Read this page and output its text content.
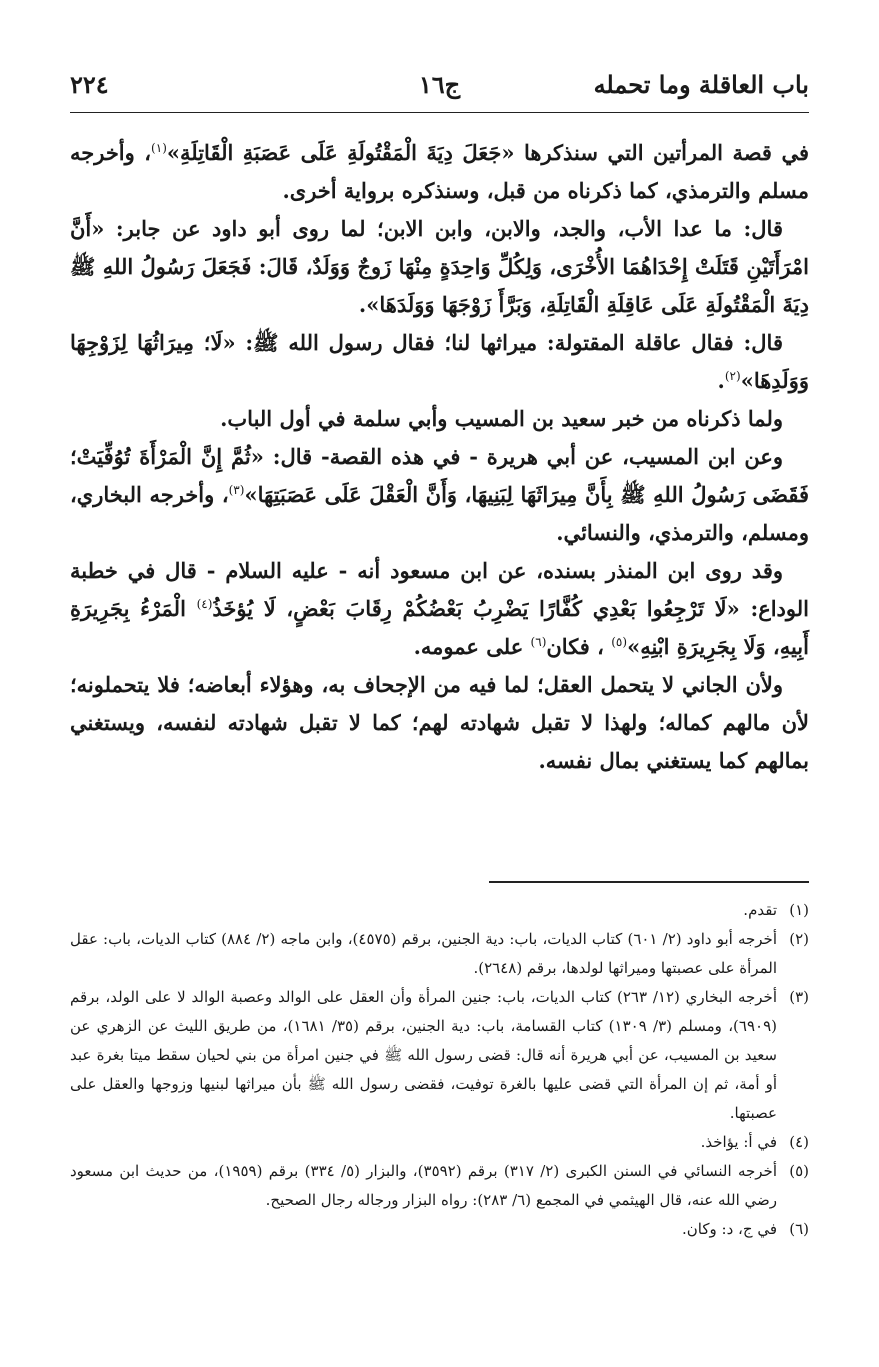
باب العاقلة وما تحمله
ج١٦
٢٢٤

في قصة المرأتين التي سنذكرها «جَعَلَ دِيَةَ الْمَقْتُولَةِ عَلَى عَصَبَةِ الْقَاتِلَةِ»$^{(١)}$، وأخرجه مسلم والترمذي، كما ذكرناه من قبل، وسنذكره برواية أخرى.

قال: ما عدا الأب، والجد، والابن، وابن الابن؛ لما روى أبو داود عن جابر: «أَنَّ امْرَأَتَيْنِ قَتَلَتْ إِحْدَاهُمَا الأُخْرَى، وَلِكُلِّ وَاحِدَةٍ مِنْهَا زَوجٌ وَوَلَدٌ، قَالَ: فَجَعَلَ رَسُولُ اللهِ ﷺ دِيَةَ الْمَقْتُولَةِ عَلَى عَاقِلَةِ الْقَاتِلَةِ، وَبَرَّأَ زَوْجَهَا وَوَلَدَهَا».

قال: فقال عاقلة المقتولة: ميراثها لنا؛ فقال رسول الله ﷺ: «لَا؛ مِيرَاثُهَا لِزَوْجِهَا وَوَلَدِهَا»$^{(٢)}$.

ولما ذكرناه من خبر سعيد بن المسيب وأبي سلمة في أول الباب.

وعن ابن المسيب، عن أبي هريرة - في هذه القصة- قال: «ثُمَّ إِنَّ الْمَرْأَةَ تُوُفِّيَتْ؛ فَقَضَى رَسُولُ اللهِ ﷺ بِأَنَّ مِيرَاثَهَا لِبَنِيهَا، وَأَنَّ الْعَقْلَ عَلَى عَصَبَتِهَا»$^{(٣)}$، وأخرجه البخاري، ومسلم، والترمذي، والنسائي.

وقد روى ابن المنذر بسنده، عن ابن مسعود أنه - عليه السلام - قال في خطبة الوداع: «لَا تَرْجِعُوا بَعْدِي كُفَّارًا يَضْرِبُ بَعْضُكُمْ رِقَابَ بَعْضٍ، لَا يُؤخَذُ$^{(٤)}$ الْمَرْءُ بِجَرِيرَةِ أَبِيهِ، وَلَا بِجَرِيرَةِ ابْنِهِ»$^{(٥)}$ ، فكان$^{(٦)}$ على عمومه.

ولأن الجاني لا يتحمل العقل؛ لما فيه من الإجحاف به، وهؤلاء أبعاضه؛ فلا يتحملونه؛ لأن مالهم كماله؛ ولهذا لا تقبل شهادته لهم؛ كما لا تقبل شهادته لنفسه، ويستغني بمالهم كما يستغني بمال نفسه.

(١)
تقدم.

(٢)
أخرجه أبو داود (٢/ ٦٠١) كتاب الديات، باب: دية الجنين، برقم (٤٥٧٥)، وابن ماجه (٢/ ٨٨٤) كتاب الديات، باب: عقل المرأة على عصبتها وميراثها لولدها، برقم (٢٦٤٨).

(٣)
أخرجه البخاري (١٢/ ٢٦٣) كتاب الديات، باب: جنين المرأة وأن العقل على الوالد وعصبة الوالد لا على الولد، برقم (٦٩٠٩)، ومسلم (٣/ ١٣٠٩) كتاب القسامة، باب: دية الجنين، برقم (٣٥/ ١٦٨١)، من طريق الليث عن الزهري عن سعيد بن المسيب، عن أبي هريرة أنه قال: قضى رسول الله ﷺ في جنين امرأة من بني لحيان سقط ميتا بغرة عبد أو أمة، ثم إن المرأة التي قضى عليها بالغرة توفيت، فقضى رسول الله ﷺ بأن ميراثها لبنيها وزوجها والعقل على عصبتها.

(٤)
في أ: يؤاخذ.

(٥)
أخرجه النسائي في السنن الكبرى (٢/ ٣١٧) برقم (٣٥٩٢)، والبزار (٥/ ٣٣٤) برقم (١٩٥٩)، من حديث ابن مسعود رضي الله عنه، قال الهيثمي في المجمع (٦/ ٢٨٣): رواه البزار ورجاله رجال الصحيح.

(٦)
في ج، د: وكان.
